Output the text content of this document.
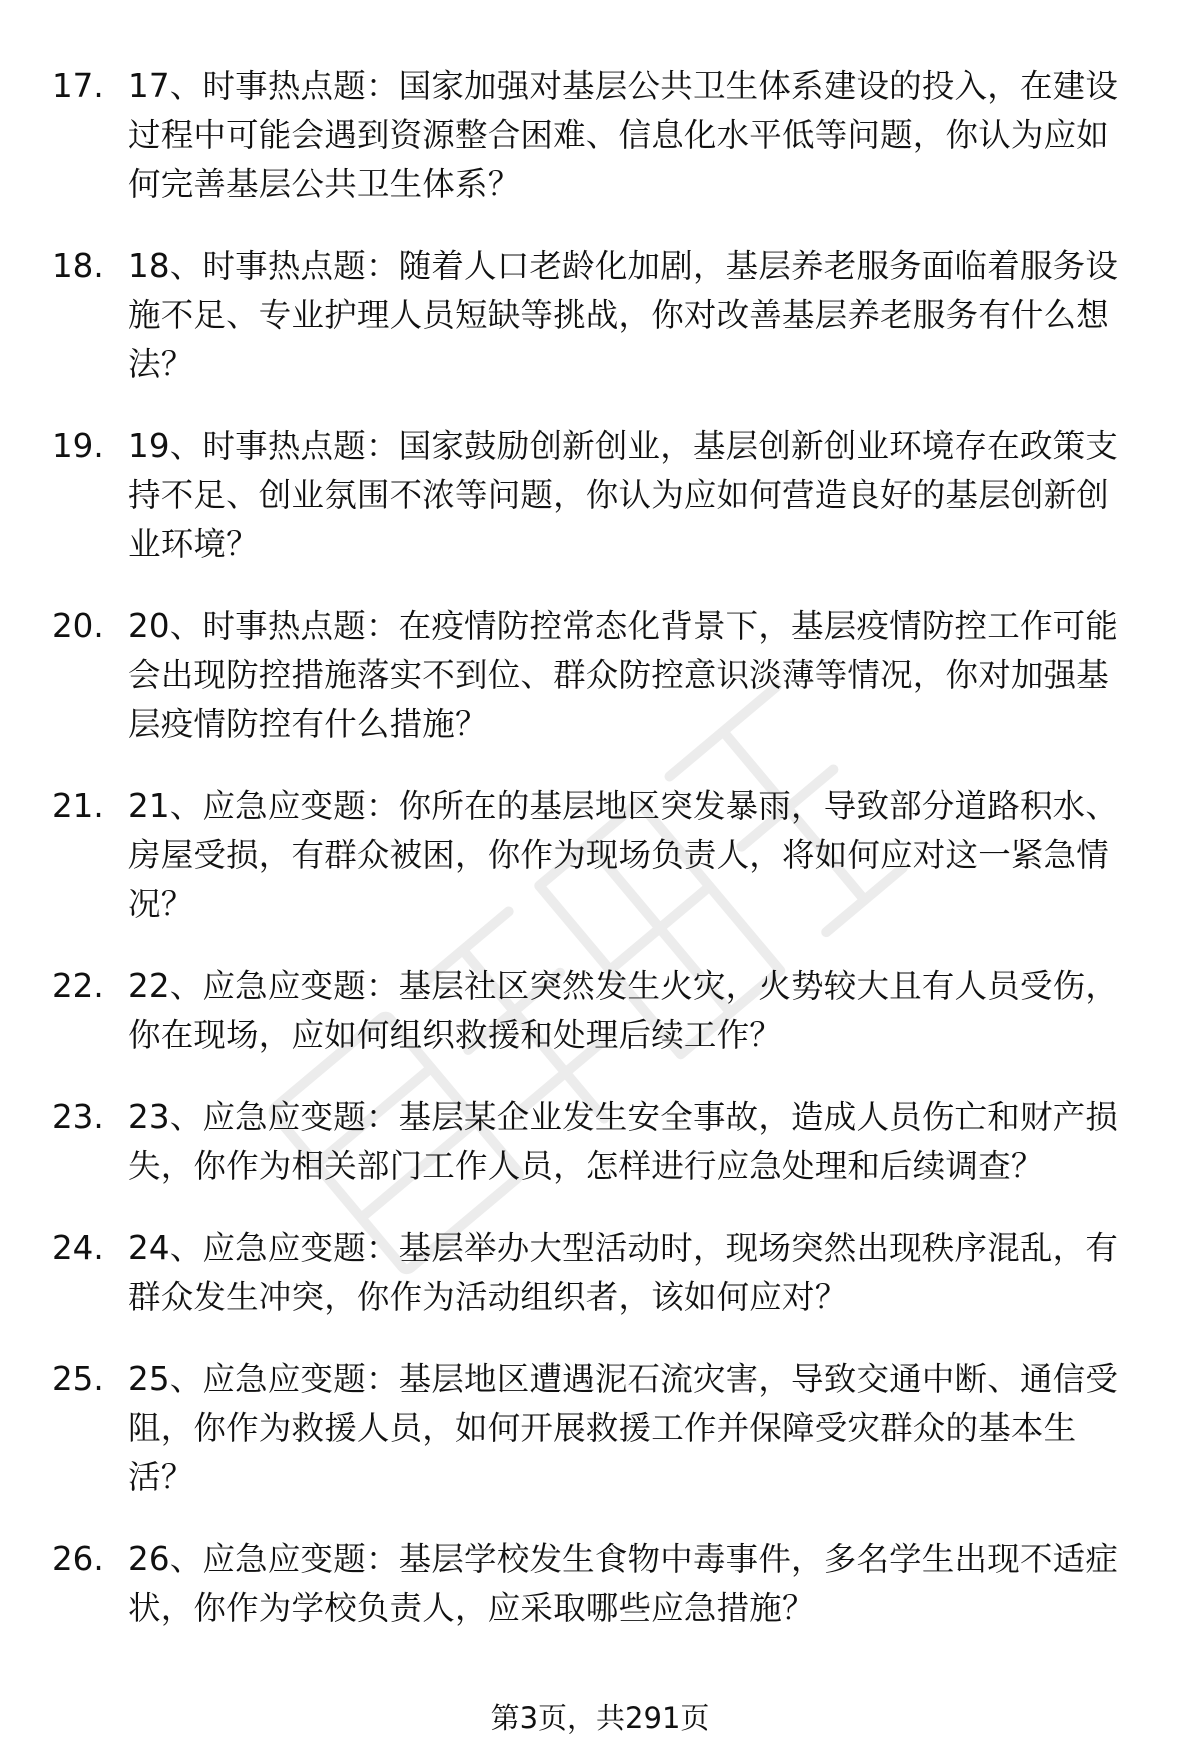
17. 17、时事热点题：国家加强对基层公共卫生体系建设的投入，在建设过程中可能会遇到资源整合困难、信息化水平低等问题，你认为应如何完善基层公共卫生体系？
18. 18、时事热点题：随着人口老龄化加剧，基层养老服务面临着服务设施不足、专业护理人员短缺等挑战，你对改善基层养老服务有什么想法？
19. 19、时事热点题：国家鼓励创新创业，基层创新创业环境存在政策支持不足、创业氛围不浓等问题，你认为应如何营造良好的基层创新创业环境？
20. 20、时事热点题：在疫情防控常态化背景下，基层疫情防控工作可能会出现防控措施落实不到位、群众防控意识淡薄等情况，你对加强基层疫情防控有什么措施？
21. 21、应急应变题：你所在的基层地区突发暴雨，导致部分道路积水、房屋受损，有群众被困，你作为现场负责人，将如何应对这一紧急情况？
22. 22、应急应变题：基层社区突然发生火灾，火势较大且有人员受伤，你在现场，应如何组织救援和处理后续工作？
23. 23、应急应变题：基层某企业发生安全事故，造成人员伤亡和财产损失，你作为相关部门工作人员，怎样进行应急处理和后续调查？
24. 24、应急应变题：基层举办大型活动时，现场突然出现秩序混乱，有群众发生冲突，你作为活动组织者，该如何应对？
25. 25、应急应变题：基层地区遭遇泥石流灾害，导致交通中断、通信受阻，你作为救援人员，如何开展救援工作并保障受灾群众的基本生活？
26. 26、应急应变题：基层学校发生食物中毒事件，多名学生出现不适症状，你作为学校负责人，应采取哪些应急措施？
第3页，共291页
